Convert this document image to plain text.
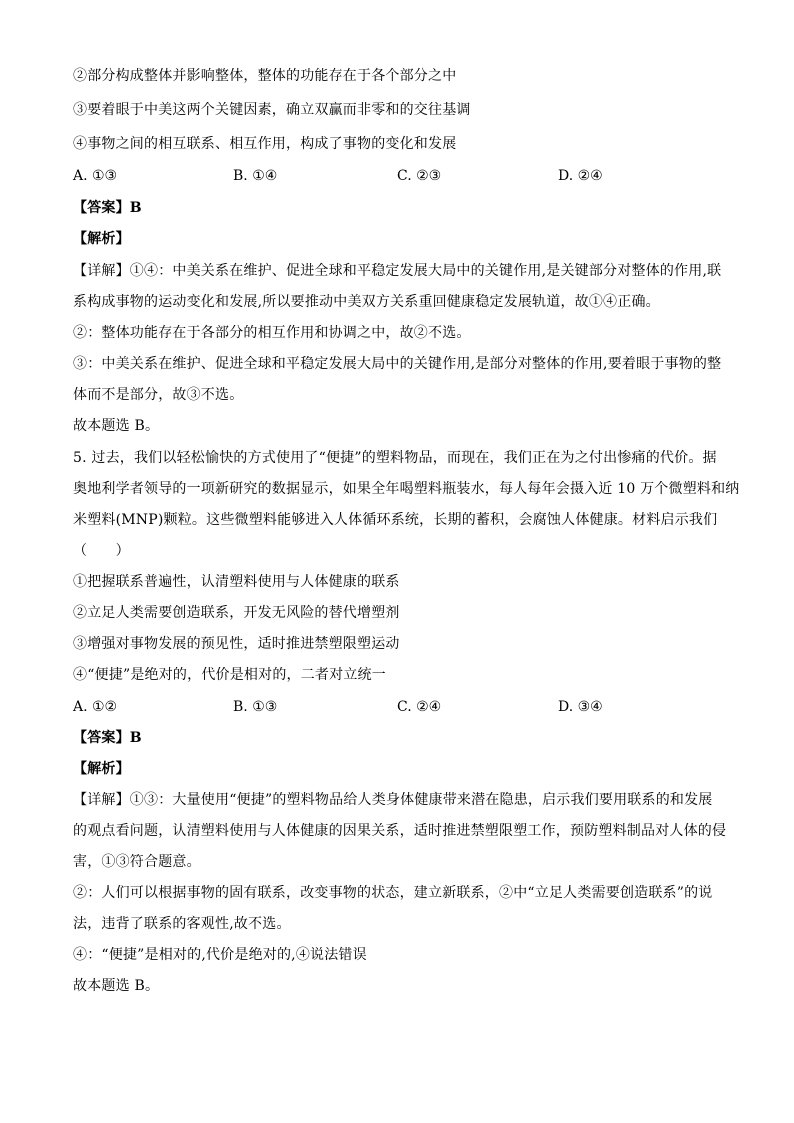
②部分构成整体并影响整体，整体的功能存在于各个部分之中
③要着眼于中美这两个关键因素，确立双赢而非零和的交往基调
④事物之间的相互联系、相互作用，构成了事物的变化和发展
A. ①③	B. ①④	C. ②③	D. ②④
【答案】B
【解析】
【详解】①④：中美关系在维护、促进全球和平稳定发展大局中的关键作用,是关键部分对整体的作用,联
系构成事物的运动变化和发展,所以要推动中美双方关系重回健康稳定发展轨道，故①④正确。
②：整体功能存在于各部分的相互作用和协调之中，故②不选。
③：中美关系在维护、促进全球和平稳定发展大局中的关键作用,是部分对整体的作用,要着眼于事物的整
体而不是部分，故③不选。
故本题选 B。
5. 过去，我们以轻松愉快的方式使用了“便捷”的塑料物品，而现在，我们正在为之付出惨痛的代价。据
奥地利学者领导的一项新研究的数据显示，如果全年喝塑料瓶装水，每人每年会摄入近 10 万个微塑料和纳
米塑料(MNP)颗粒。这些微塑料能够进入人体循环系统，长期的蓄积，会腐蚀人体健康。材料启示我们
（　　）
①把握联系普遍性，认清塑料使用与人体健康的联系
②立足人类需要创造联系，开发无风险的替代增塑剂
③增强对事物发展的预见性，适时推进禁塑限塑运动
④“便捷”是绝对的，代价是相对的，二者对立统一
A. ①②	B. ①③	C. ②④	D. ③④
【答案】B
【解析】
【详解】①③：大量使用“便捷”的塑料物品给人类身体健康带来潜在隐患，启示我们要用联系的和发展
的观点看问题，认清塑料使用与人体健康的因果关系，适时推进禁塑限塑工作，预防塑料制品对人体的侵
害，①③符合题意。
②：人们可以根据事物的固有联系，改变事物的状态，建立新联系，②中“立足人类需要创造联系”的说
法，违背了联系的客观性,故不选。
④：“便捷”是相对的,代价是绝对的,④说法错误
故本题选 B。
